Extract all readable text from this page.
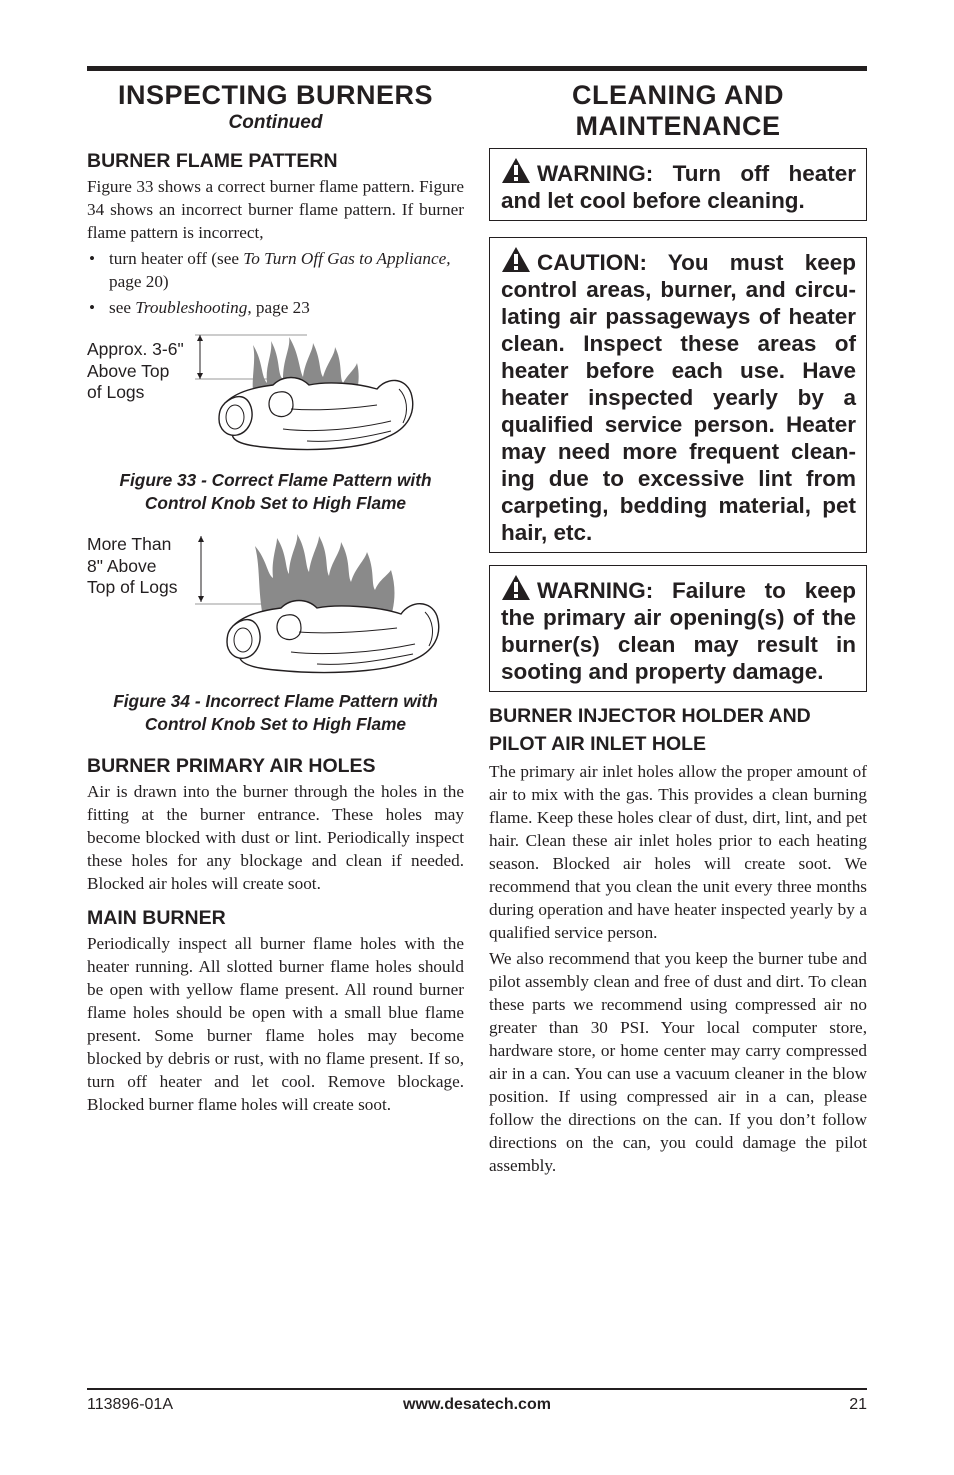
INSPECTING BURNERS
Continued
BURNER FLAME PATTERN

Figure 33 shows a correct burner flame pattern. Figure 34 shows an incorrect burner flame pattern. If burner flame pattern is incorrect,

• turn heater off (see To Turn Off Gas to Appliance, page 20)
• see Troubleshooting, page 23
Approx. 3-6"
Above Top
of Logs

Figure 33 - Correct Flame Pattern with
Control Knob Set to High Flame

More Than
8" Above
Top of Logs

Figure 34 - Incorrect Flame Pattern with
Control Knob Set to High Flame

BURNER PRIMARY AIR HOLES

Air is drawn into the burner through the holes in the fitting at the burner entrance. These holes may become blocked with dust or lint. Periodically inspect these holes for any blockage and clean if needed. Blocked air holes will create soot.

MAIN BURNER

Periodically inspect all burner flame holes with the heater running. All slotted burner flame holes should be open with yellow flame present. All round burner flame holes should be open with a small blue flame present. Some burner flame holes may become blocked by debris or rust, with no flame present. If so, turn off heater and let cool. Remove blockage. Blocked burner flame holes will create soot.

CLEANING AND
MAINTENANCE
WARNING: Turn off heater and let cool before cleaning.
CAUTION: You must keep control areas, burner, and circulating air passageways of heater clean. Inspect these areas of heater before each use. Have heater inspected yearly by a qualified service person. Heater may need more frequent cleaning due to excessive lint from carpeting, bedding material, pet hair, etc.
WARNING: Failure to keep the primary air opening(s) of the burner(s) clean may result in sooting and property damage.
BURNER INJECTOR HOLDER AND
PILOT AIR INLET HOLE

The primary air inlet holes allow the proper amount of air to mix with the gas. This provides a clean burning flame. Keep these holes clear of dust, dirt, lint, and pet hair. Clean these air inlet holes prior to each heating season. Blocked air holes will create soot. We recommend that you clean the unit every three months during operation and have heater inspected yearly by a qualified service person.

We also recommend that you keep the burner tube and pilot assembly clean and free of dust and dirt. To clean these parts we recommend using compressed air no greater than 30 PSI. Your local computer store, hardware store, or home center may carry compressed air in a can. You can use a vacuum cleaner in the blow position. If using compressed air in a can, please follow the directions on the can. If you don’t follow directions on the can, you could damage the pilot assembly.

113896-01A	www.desatech.com	21
